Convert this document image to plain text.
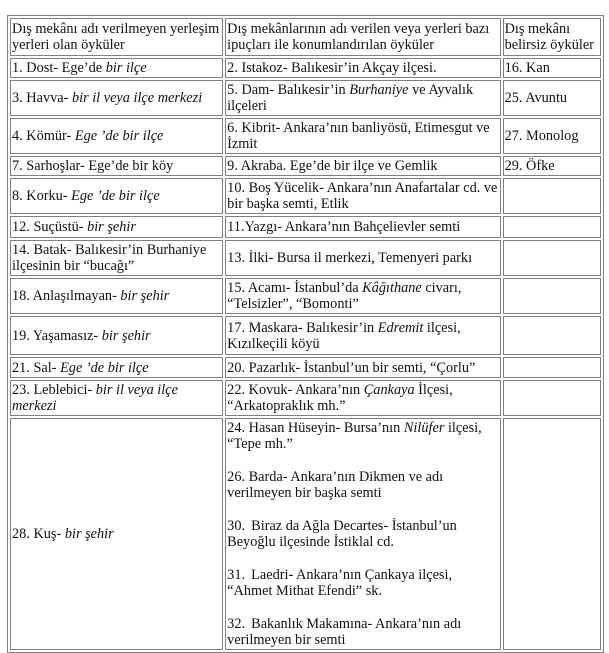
Dış mekânı adı verilmeyen yerleşim yerleri olan öyküler	Dış mekânlarının adı verilen veya yerleri bazı ipuçları ile konumlandırılan öyküler	Dış mekânı belirsiz öyküler

1. Dost- Ege’de bir ilçe	2. Istakoz- Balıkesir’in Akçay ilçesi.	16. Kan

3. Havva- bir il veya ilçe merkezi	5. Dam- Balıkesir’in Burhaniye ve Ayvalık ilçeleri	25. Avuntu

4. Kömür- Ege ’de bir ilçe	6. Kibrit- Ankara’nın banliyösü, Etimesgut ve İzmit	27. Monolog

7. Sarhoşlar- Ege’de bir köy	9. Akraba. Ege’de bir ilçe ve Gemlik	29. Öfke

8. Korku- Ege ’de bir ilçe	10. Boş Yücelik- Ankara’nın Anafartalar cd. ve bir başka semti, Etlik	

12. Suçüstü- bir şehir	11.Yazgı- Ankara’nın Bahçelievler semti	

14. Batak- Balıkesir’in Burhaniye ilçesinin bir “bucağı”	13. İlki- Bursa il merkezi, Temenyeri parkı	

18. Anlaşılmayan- bir şehir	15. Acamı- İstanbul’da Kâğıthane civarı, “Telsizler”, “Bomonti”	

19. Yaşamasız- bir şehir	17. Maskara- Balıkesir’in Edremit ilçesi, Kızılkeçili köyü	

21. Sal- Ege ’de bir ilçe	20. Pazarlık- İstanbul’un bir semti, “Çorlu”	

23. Leblebici- bir il veya ilçe merkezi	22. Kovuk- Ankara’nın Çankaya İlçesi, “Arkatopraklık mh.”	

28. Kuş- bir şehir	24. Hasan Hüseyin- Bursa’nın Nilüfer ilçesi, “Tepe mh.”
26. Barda- Ankara’nın Dikmen ve adı verilmeyen bir başka semti
30. Biraz da Ağla Decartes- İstanbul’un Beyoğlu ilçesinde İstiklal cd.
31. Laedri- Ankara’nın Çankaya ilçesi, “Ahmet Mithat Efendi” sk.
32. Bakanlık Makamına- Ankara’nın adı verilmeyen bir semti	
